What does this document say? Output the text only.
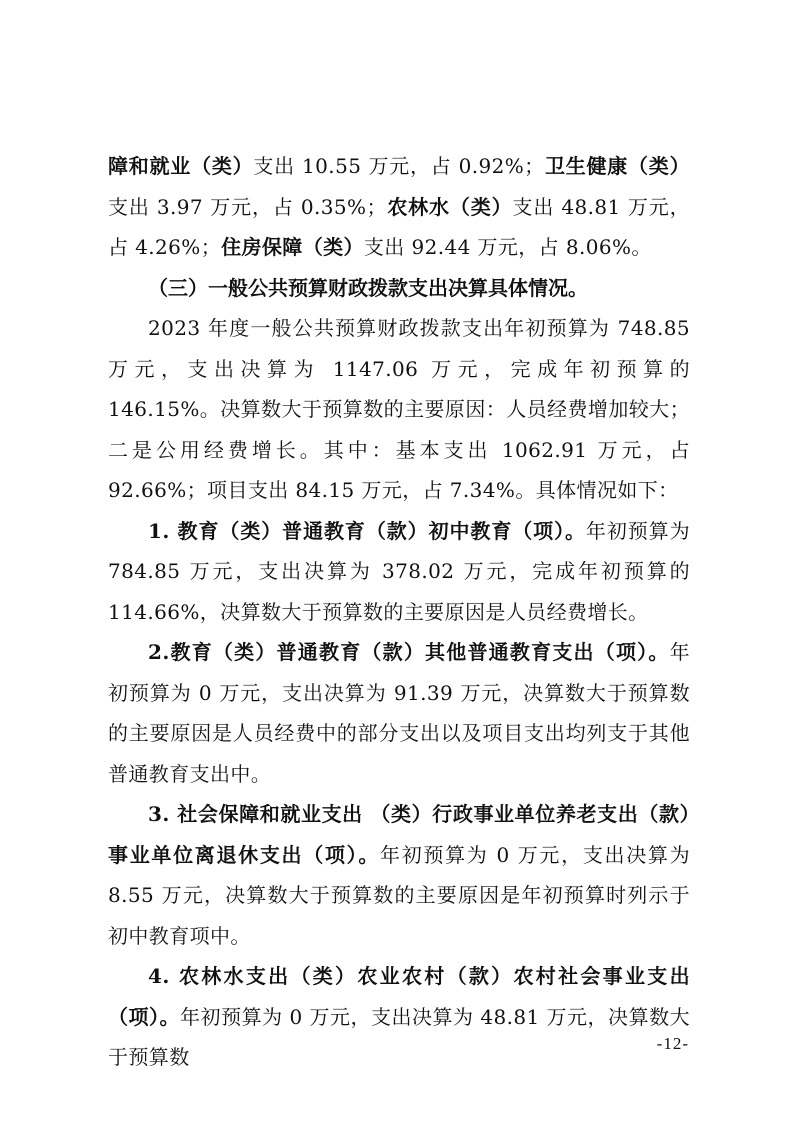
障和就业（类）支出 10.55 万元，占 0.92%；卫生健康（类）支出 3.97 万元，占 0.35%；农林水（类）支出 48.81 万元，占 4.26%；住房保障（类）支出 92.44 万元，占 8.06%。

（三）一般公共预算财政拨款支出决算具体情况。

2023 年度一般公共预算财政拨款支出年初预算为 748.85 万元，支出决算为 1147.06 万元，完成年初预算的 146.15%。决算数大于预算数的主要原因：人员经费增加较大；二是公用经费增长。其中：基本支出 1062.91 万元，占 92.66%；项目支出 84.15 万元，占 7.34%。具体情况如下：

1. 教育（类）普通教育（款）初中教育（项）。年初预算为 784.85 万元，支出决算为 378.02 万元，完成年初预算的 114.66%，决算数大于预算数的主要原因是人员经费增长。

2.教育（类）普通教育（款）其他普通教育支出（项）。年初预算为 0 万元，支出决算为 91.39 万元，决算数大于预算数的主要原因是人员经费中的部分支出以及项目支出均列支于其他普通教育支出中。

3. 社会保障和就业支出 （类）行政事业单位养老支出（款）事业单位离退休支出（项）。年初预算为 0 万元，支出决算为 8.55 万元，决算数大于预算数的主要原因是年初预算时列示于初中教育项中。

4. 农林水支出（类）农业农村（款）农村社会事业支出（项）。年初预算为 0 万元，支出决算为 48.81 万元，决算数大于预算数

-12-
